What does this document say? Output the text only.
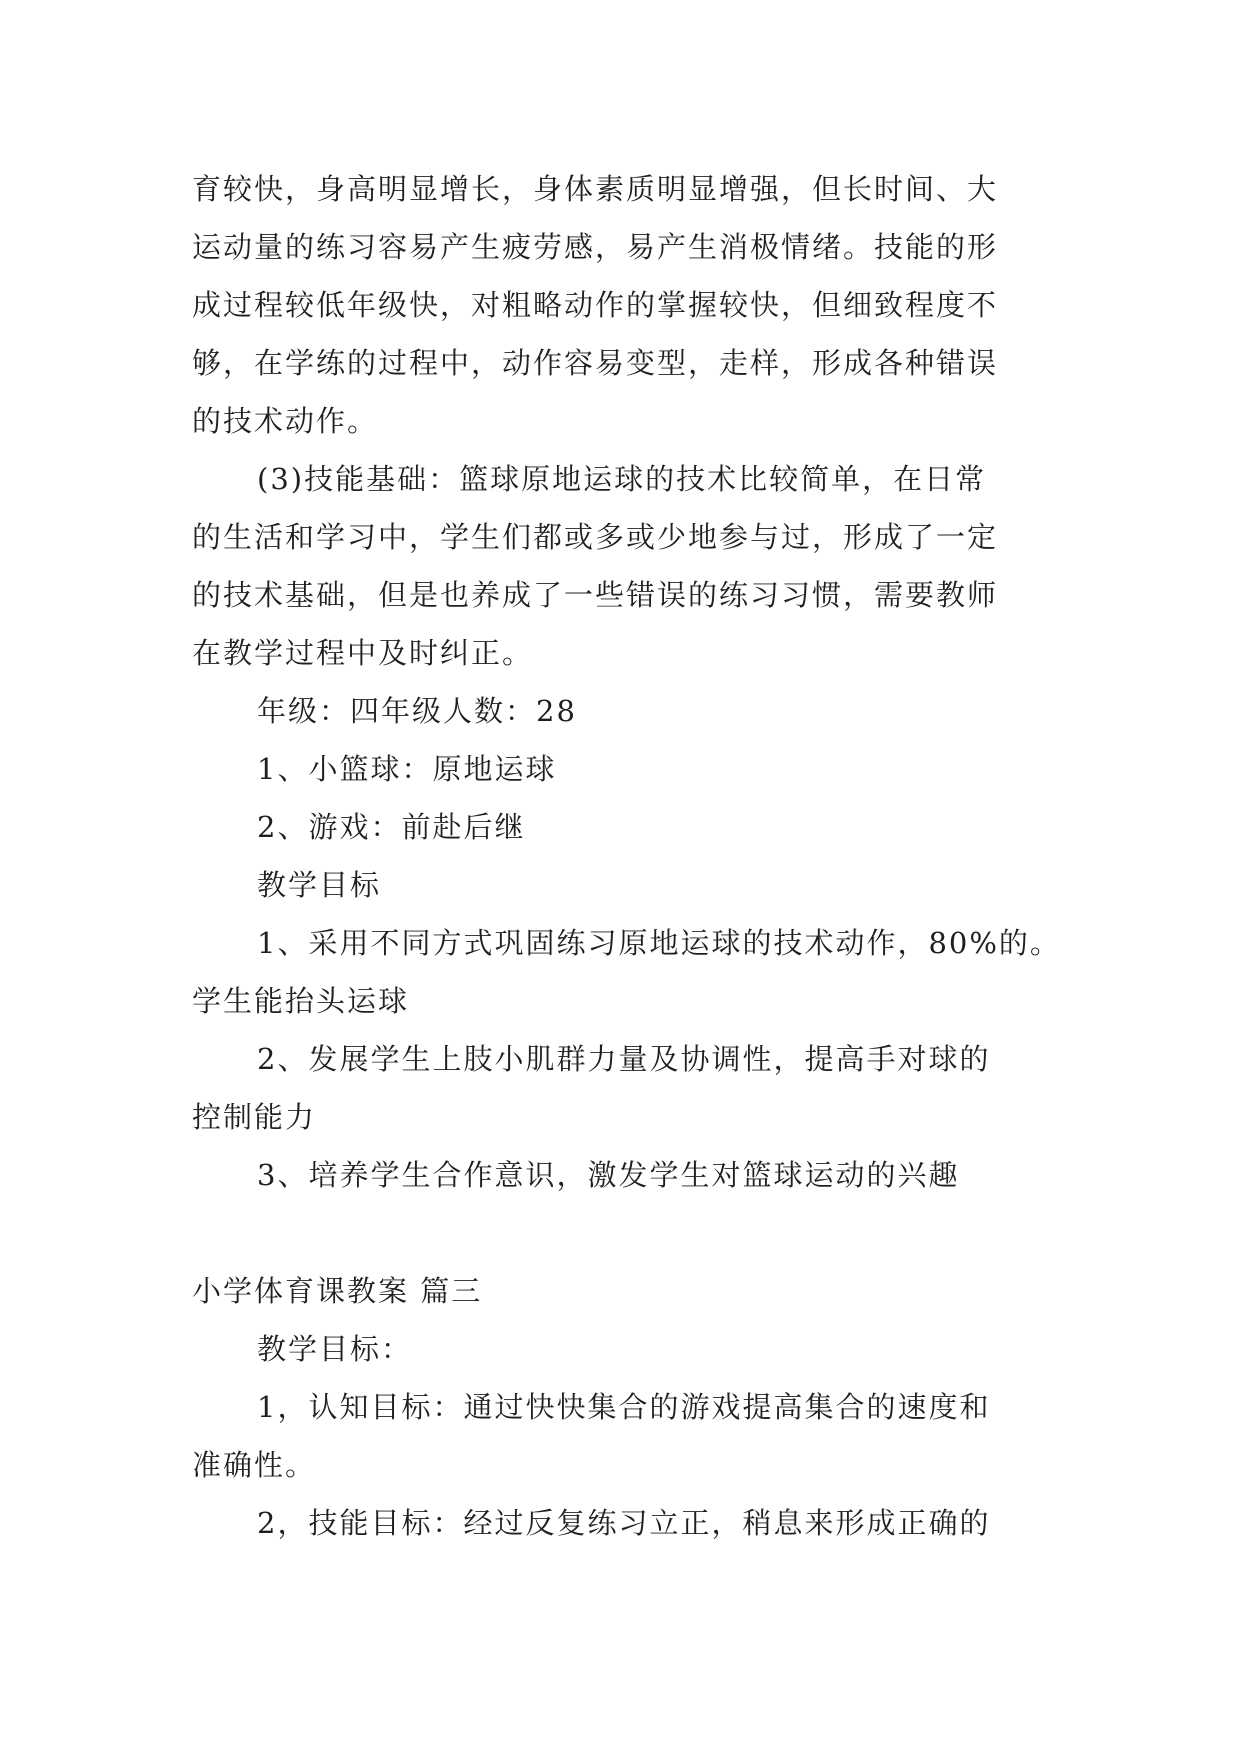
育较快，身高明显增长，身体素质明显增强，但长时间、大
运动量的练习容易产生疲劳感，易产生消极情绪。技能的形
成过程较低年级快，对粗略动作的掌握较快，但细致程度不
够，在学练的过程中，动作容易变型，走样，形成各种错误
的技术动作。
(3)技能基础：篮球原地运球的技术比较简单，在日常
的生活和学习中，学生们都或多或少地参与过，形成了一定
的技术基础，但是也养成了一些错误的练习习惯，需要教师
在教学过程中及时纠正。
年级：四年级人数：28
1、小篮球：原地运球
2、游戏：前赴后继
教学目标
1、采用不同方式巩固练习原地运球的技术动作，80%的。
学生能抬头运球
2、发展学生上肢小肌群力量及协调性，提高手对球的
控制能力
3、培养学生合作意识，激发学生对篮球运动的兴趣
小学体育课教案 篇三
教学目标：
1，认知目标：通过快快集合的游戏提高集合的速度和
准确性。
2，技能目标：经过反复练习立正，稍息来形成正确的
